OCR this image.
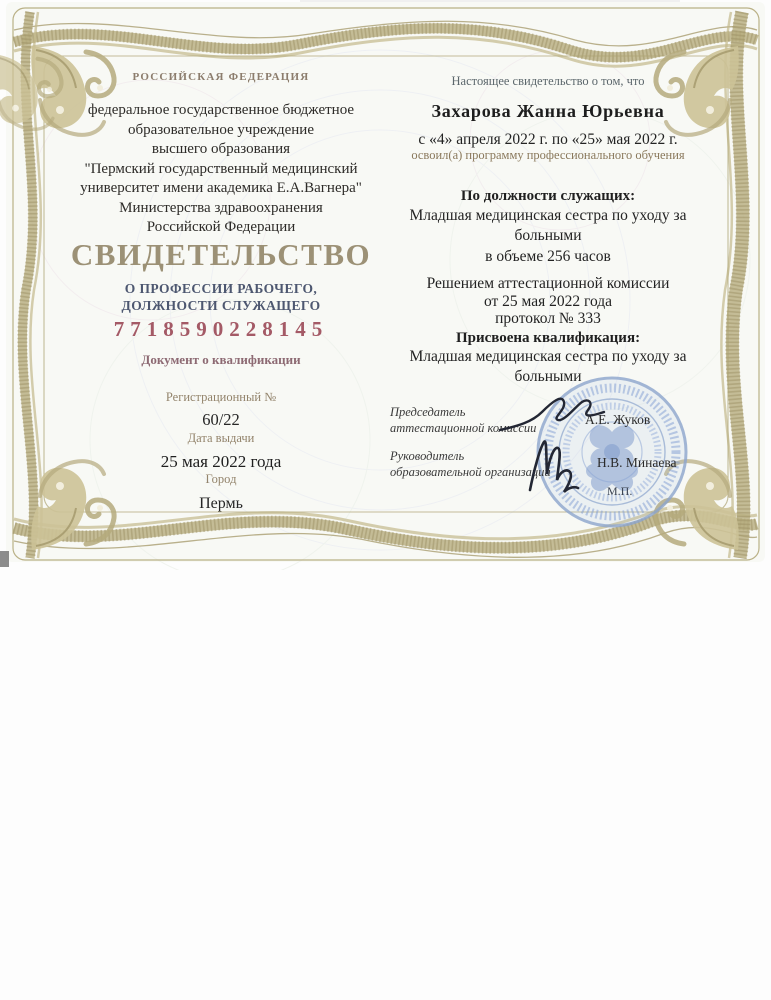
РОССИЙСКАЯ ФЕДЕРАЦИЯ
федеральное государственное бюджетное
образовательное учреждение
высшего образования
"Пермский государственный медицинский
университет имени академика Е.А.Вагнера"
Министерства здравоохранения
Российской Федерации
СВИДЕТЕЛЬСТВО
О ПРОФЕССИИ РАБОЧЕГО,
ДОЛЖНОСТИ СЛУЖАЩЕГО
7718590228145
Документ о квалификации
Регистрационный №
60/22
Дата выдачи
25 мая 2022 года
Город
Пермь
Настоящее свидетельство о том, что
Захарова Жанна Юрьевна
с «4» апреля 2022 г. по «25» мая 2022 г.
освоил(а) программу профессионального обучения
По должности служащих:
Младшая медицинская сестра по уходу за
больными
в объеме 256 часов
Решением аттестационной комиссии
от 25 мая 2022 года
протокол № 333
Присвоена квалификация:
Младшая медицинская сестра по уходу за
больными
Председатель
аттестационной комиссии
А.Е. Жуков
Руководитель
образовательной организации
Н.В. Минаева
М.П.
